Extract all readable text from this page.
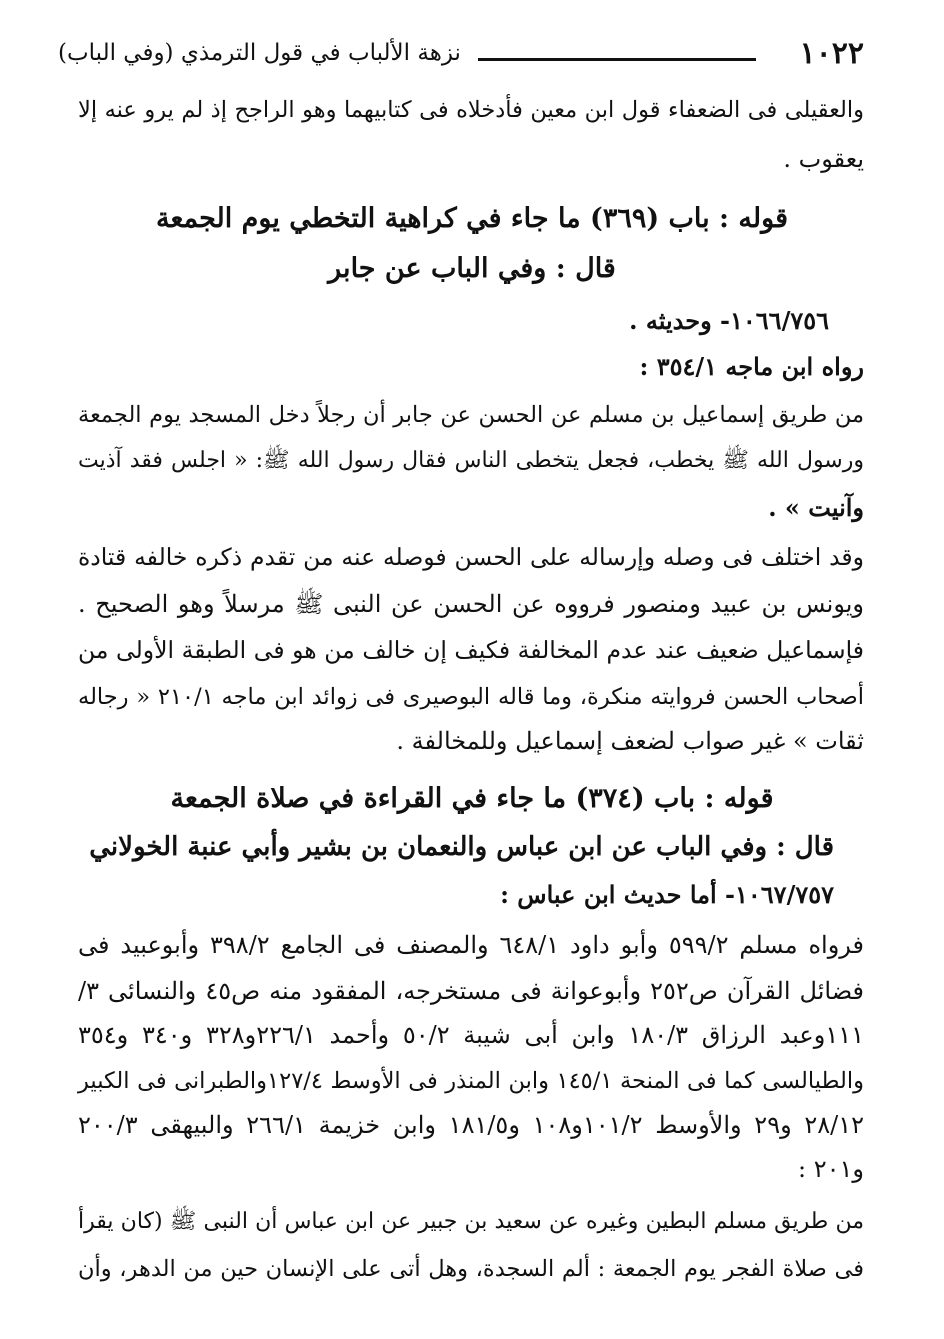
١٠٢٢
نزهة الألباب في قول الترمذي (وفي الباب)
والعقيلى فى الضعفاء قول ابن معين فأدخلاه فى كتابيهما وهو الراجح إذ لم يرو عنه إلا
يعقوب .
قوله : باب (٣٦٩) ما جاء في كراهية التخطي يوم الجمعة
قال : وفي الباب عن جابر
١٠٦٦/٧٥٦- وحديثه .
رواه ابن ماجه ٣٥٤/١ :
من طريق إسماعيل بن مسلم عن الحسن عن جابر أن رجلاً دخل المسجد يوم الجمعة
ورسول الله ﷺ يخطب، فجعل يتخطى الناس فقال رسول الله ﷺ: « اجلس فقد آذيت
وآنيت » .
وقد اختلف فى وصله وإرساله على الحسن فوصله عنه من تقدم ذكره خالفه قتادة
ويونس بن عبيد ومنصور فرووه عن الحسن عن النبى ﷺ مرسلاً وهو الصحيح .
فإسماعيل ضعيف عند عدم المخالفة فكيف إن خالف من هو فى الطبقة الأولى من
أصحاب الحسن فروايته منكرة، وما قاله البوصيرى فى زوائد ابن ماجه ٢١٠/١ « رجاله
ثقات » غير صواب لضعف إسماعيل وللمخالفة .
قوله : باب (٣٧٤) ما جاء في القراءة في صلاة الجمعة
قال : وفي الباب عن ابن عباس والنعمان بن بشير وأبي عنبة الخولاني
١٠٦٧/٧٥٧- أما حديث ابن عباس :
فرواه مسلم ٥٩٩/٢ وأبو داود ٦٤٨/١ والمصنف فى الجامع ٣٩٨/٢ وأبوعبيد فى
فضائل القرآن ص٢٥٢ وأبوعوانة فى مستخرجه، المفقود منه ص٤٥ والنسائى ٣/
١١١وعبد الرزاق ١٨٠/٣ وابن أبى شيبة ٥٠/٢ وأحمد ٢٢٦/١و٣٢٨ و٣٤٠ و٣٥٤
والطيالسى كما فى المنحة ١٤٥/١ وابن المنذر فى الأوسط ١٢٧/٤والطبرانى فى الكبير
٢٨/١٢ و٢٩ والأوسط ١٠١/٢و١٠٨ و١٨١/٥ وابن خزيمة ٢٦٦/١ والبيهقى ٢٠٠/٣
و٢٠١ :
من طريق مسلم البطين وغيره عن سعيد بن جبير عن ابن عباس أن النبى ﷺ (كان يقرأ
فى صلاة الفجر يوم الجمعة : ألم السجدة، وهل أتى على الإنسان حين من الدهر، وأن
